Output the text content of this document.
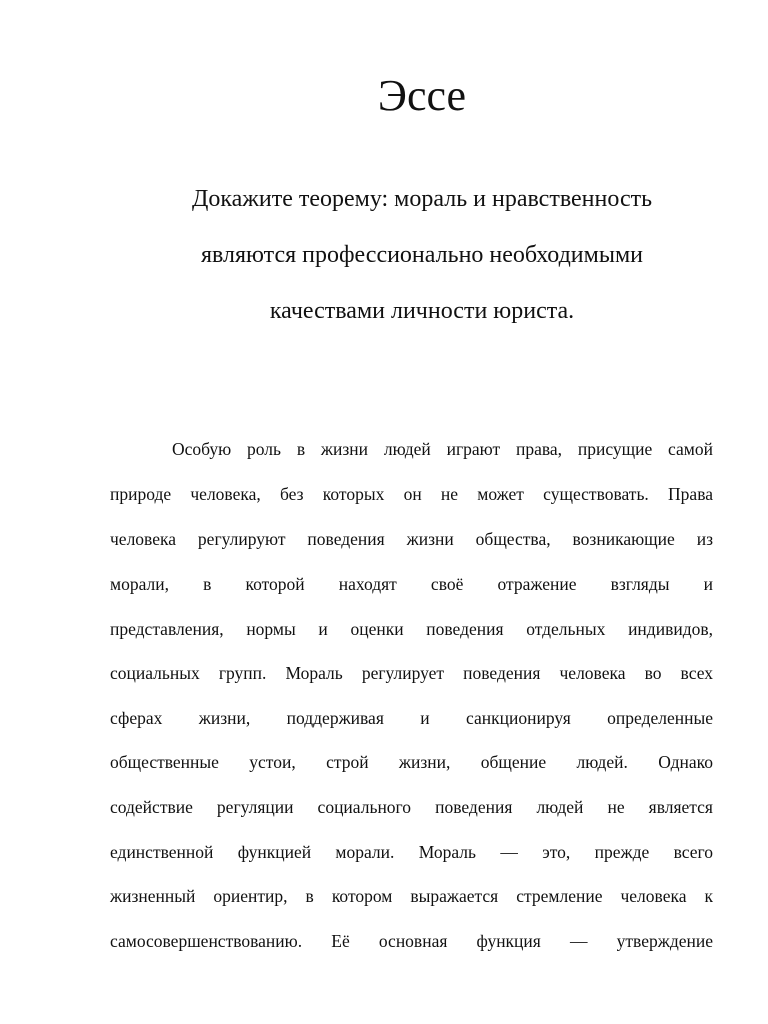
Эссе

Докажите теорему: мораль и нравственность

являются профессионально необходимыми

качествами личности юриста.

Особую роль в жизни людей играют права, присущие самой

природе человека, без которых он не может существовать. Права

человека регулируют поведения жизни общества, возникающие из

морали, в которой находят своё отражение взгляды и

представления, нормы и оценки поведения отдельных индивидов,

социальных групп. Мораль регулирует поведения человека во всех

сферах жизни, поддерживая и санкционируя определенные

общественные устои, строй жизни, общение людей. Однако

содействие регуляции социального поведения людей не является

единственной функцией морали. Мораль — это, прежде всего

жизненный ориентир, в котором выражается стремление человека к

самосовершенствованию. Её основная функция — утверждение
